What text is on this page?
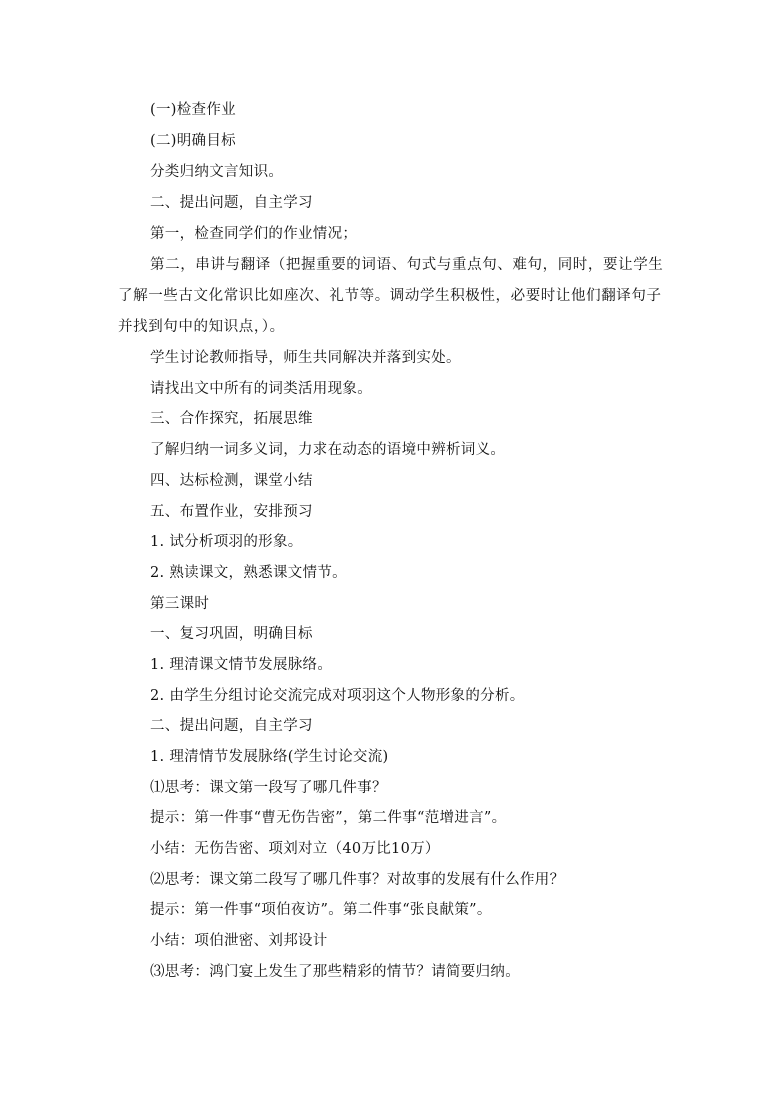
(一)检查作业
(二)明确目标
分类归纳文言知识。
二、提出问题，自主学习
第一，检查同学们的作业情况；
第二，串讲与翻译（把握重要的词语、句式与重点句、难句，同时，要让学生了解一些古文化常识比如座次、礼节等。调动学生积极性，必要时让他们翻译句子并找到句中的知识点，）。
学生讨论教师指导，师生共同解决并落到实处。
请找出文中所有的词类活用现象。
三、合作探究，拓展思维
了解归纳一词多义词，力求在动态的语境中辨析词义。
四、达标检测，课堂小结
五、布置作业，安排预习
1. 试分析项羽的形象。
2. 熟读课文，熟悉课文情节。
第三课时
一、复习巩固，明确目标
1. 理清课文情节发展脉络。
2. 由学生分组讨论交流完成对项羽这个人物形象的分析。
二、提出问题，自主学习
1. 理清情节发展脉络(学生讨论交流)
⑴思考：课文第一段写了哪几件事？
提示：第一件事“曹无伤告密”，第二件事“范增进言”。
小结：无伤告密、项刘对立（40万比10万）
⑵思考：课文第二段写了哪几件事？对故事的发展有什么作用？
提示：第一件事“项伯夜访”。第二件事“张良献策”。
小结：项伯泄密、刘邦设计
⑶思考：鸿门宴上发生了那些精彩的情节？请简要归纳。
